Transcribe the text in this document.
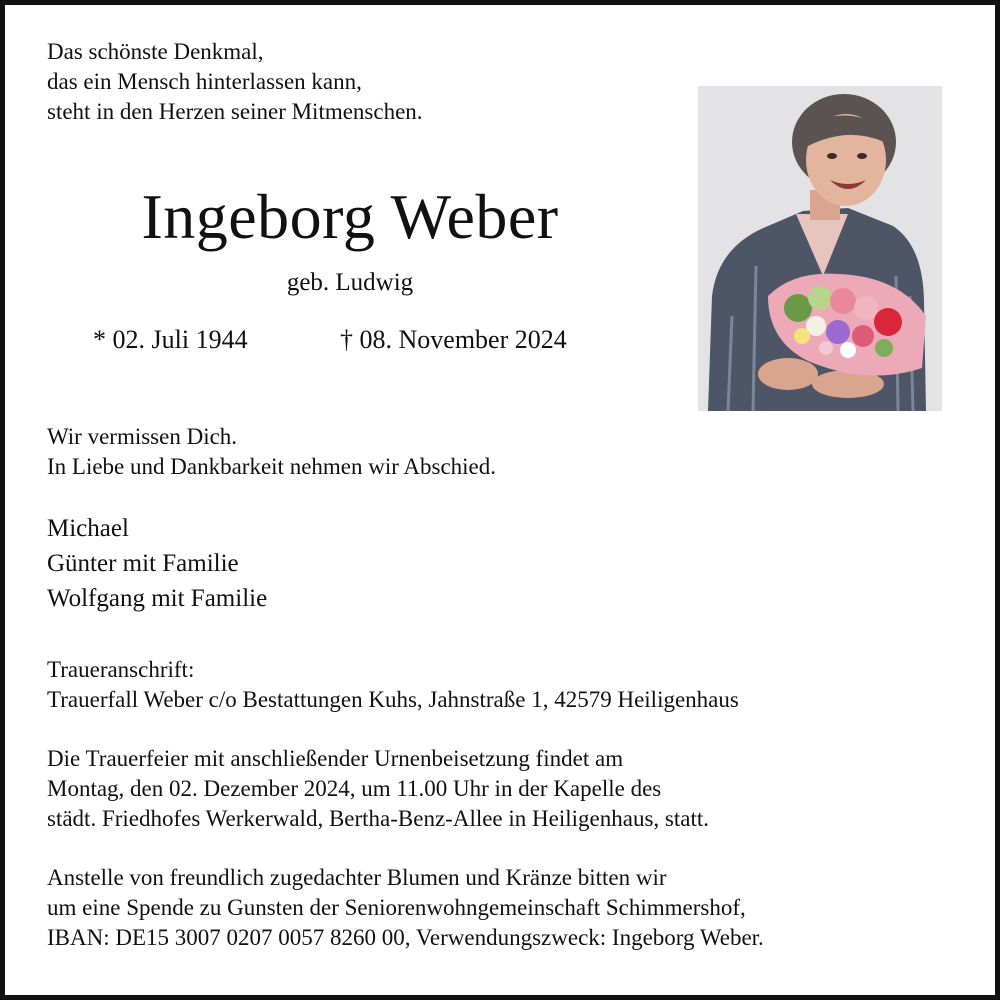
Das schönste Denkmal,
das ein Mensch hinterlassen kann,
steht in den Herzen seiner Mitmenschen.
Ingeborg Weber
geb. Ludwig
* 02. Juli 1944	† 08. November 2024
Wir vermissen Dich.
In Liebe und Dankbarkeit nehmen wir Abschied.
Michael
Günter mit Familie
Wolfgang mit Familie
Traueranschrift:
Trauerfall Weber c/o Bestattungen Kuhs, Jahnstraße 1, 42579 Heiligenhaus
Die Trauerfeier mit anschließender Urnenbeisetzung findet am
Montag, den 02. Dezember 2024, um 11.00 Uhr in der Kapelle des
städt. Friedhofes Werkerwald, Bertha-Benz-Allee in Heiligenhaus, statt.
Anstelle von freundlich zugedachter Blumen und Kränze bitten wir
um eine Spende zu Gunsten der Seniorenwohngemeinschaft Schimmershof,
IBAN: DE15 3007 0207 0057 8260 00, Verwendungszweck: Ingeborg Weber.
